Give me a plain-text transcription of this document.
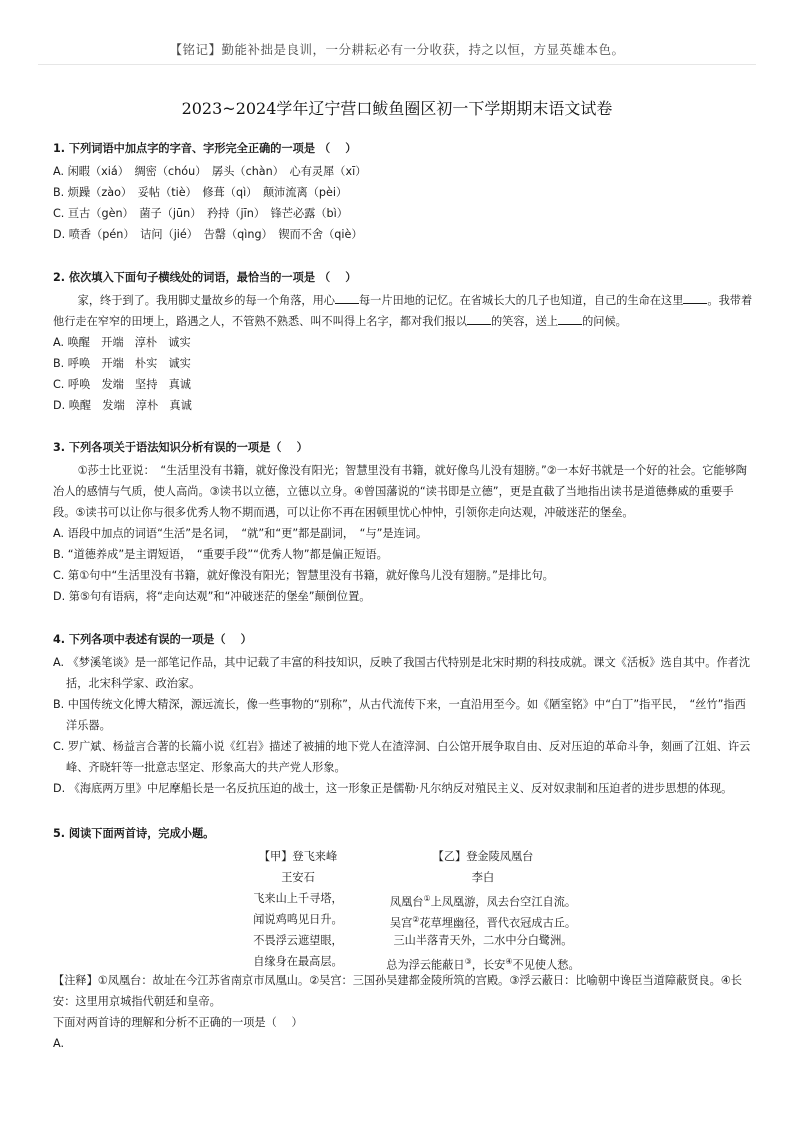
【铭记】勤能补拙是良训，一分耕耘必有一分收获，持之以恒，方显英雄本色。
2023~2024学年辽宁营口鲅鱼圈区初一下学期期末语文试卷

1. 下列词语中加点字的字音、字形完全正确的一项是 （　 ）

A. 闲暇（xiá）　绸密（chóu）　孱头（chàn）　心有灵犀（xī）

B. 烦躁（zào）　妥帖（tiè）　修葺（qì）　颠沛流离（pèi）

C. 亘古（gèn）　菌子（jūn）　矜持（jīn）　锋芒必露（bì）

D. 喷香（pén）　诘问（jié）　告罄（qìng）　锲而不舍（qiè）

2. 依次填入下面句子横线处的词语，最恰当的一项是 （　 ）

家，终于到了。我用脚丈量故乡的每一个角落，用心 每一片田地的记忆。在省城长大的几子也知道，自己的生命在这里 。我带着他行走在窄窄的田埂上，路遇之人，不管熟不熟悉、叫不叫得上名字，都对我们报以 的笑容，送上 的问候。

A. 唤醒　开端　淳朴　诚实

B. 呼唤　开端　朴实　诚实

C. 呼唤　发端　坚持　真诚

D. 唤醒　发端　淳朴　真诚

3. 下列各项关于语法知识分析有误的一项是（　 ）

①莎士比亚说：　“生活里没有书籍，就好像没有阳光；智慧里没有书籍，就好像鸟儿没有翅膀。”②一本好书就是一个好的社会。它能够陶冶人的感情与气质，使人高尚。③读书以立德，立德以立身。④曾国藩说的“读书即是立德”，更是直截了当地指出读书是道德彝威的重要手段。⑤读书可以让你与很多优秀人物不期而遇，可以让你不再在困顿里忧心忡忡，引领你走向达观，冲破迷茫的堡垒。

A. 语段中加点的词语“生活”是名词，　“就”和“更”都是副词，　“与”是连词。

B. “道德养成”是主谓短语，　“重要手段”“优秀人物”都是偏正短语。

C. 第①句中“生活里没有书籍，就好像没有阳光；智慧里没有书籍，就好像鸟儿没有翅膀。”是排比句。

D. 第⑤句有语病，将“走向达观”和“冲破迷茫的堡垒”颠倒位置。

4. 下列各项中表述有误的一项是（　 ）

A. 《梦溪笔谈》是一部笔记作品，其中记载了丰富的科技知识，反映了我国古代特别是北宋时期的科技成就。课文《活板》选自其中。作者沈括，北宋科学家、政治家。

B. 中国传统文化博大精深，源远流长，像一些事物的“别称”，从古代流传下来，一直沿用至今。如《陋室铭》中“白丁”指平民，　“丝竹”指西洋乐器。

C. 罗广斌、杨益言合著的长篇小说《红岩》描述了被捕的地下党人在渣滓洞、白公馆开展争取自由、反对压迫的革命斗争，刻画了江姐、许云峰、齐晓轩等一批意志坚定、形象高大的共产党人形象。

D. 《海底两万里》中尼摩船长是一名反抗压迫的战士，这一形象正是儒勒·凡尔纳反对殖民主义、反对奴隶制和压迫者的进步思想的体现。

5. 阅读下面两首诗，完成小题。

【甲】登飞来峰
王安石
飞来山上千寻塔，
闻说鸡鸣见日升。
不畏浮云遮望眼，
自缘身在最高层。
【乙】登金陵凤凰台
李白
凤凰台①上凤凰游，凤去台空江自流。
吴宫②花草埋幽径，晋代衣冠成古丘。
三山半落青天外，二水中分白鹭洲。
总为浮云能蔽日③，长安④不见使人愁。

【注释】①凤凰台：故址在今江苏省南京市凤凰山。②吴宫：三国孙吴建都金陵所筑的宫殿。③浮云蔽日：比喻朝中谗臣当道障蔽贤良。④长安：这里用京城指代朝廷和皇帝。

下面对两首诗的理解和分析不正确的一项是（　 ）

A.
